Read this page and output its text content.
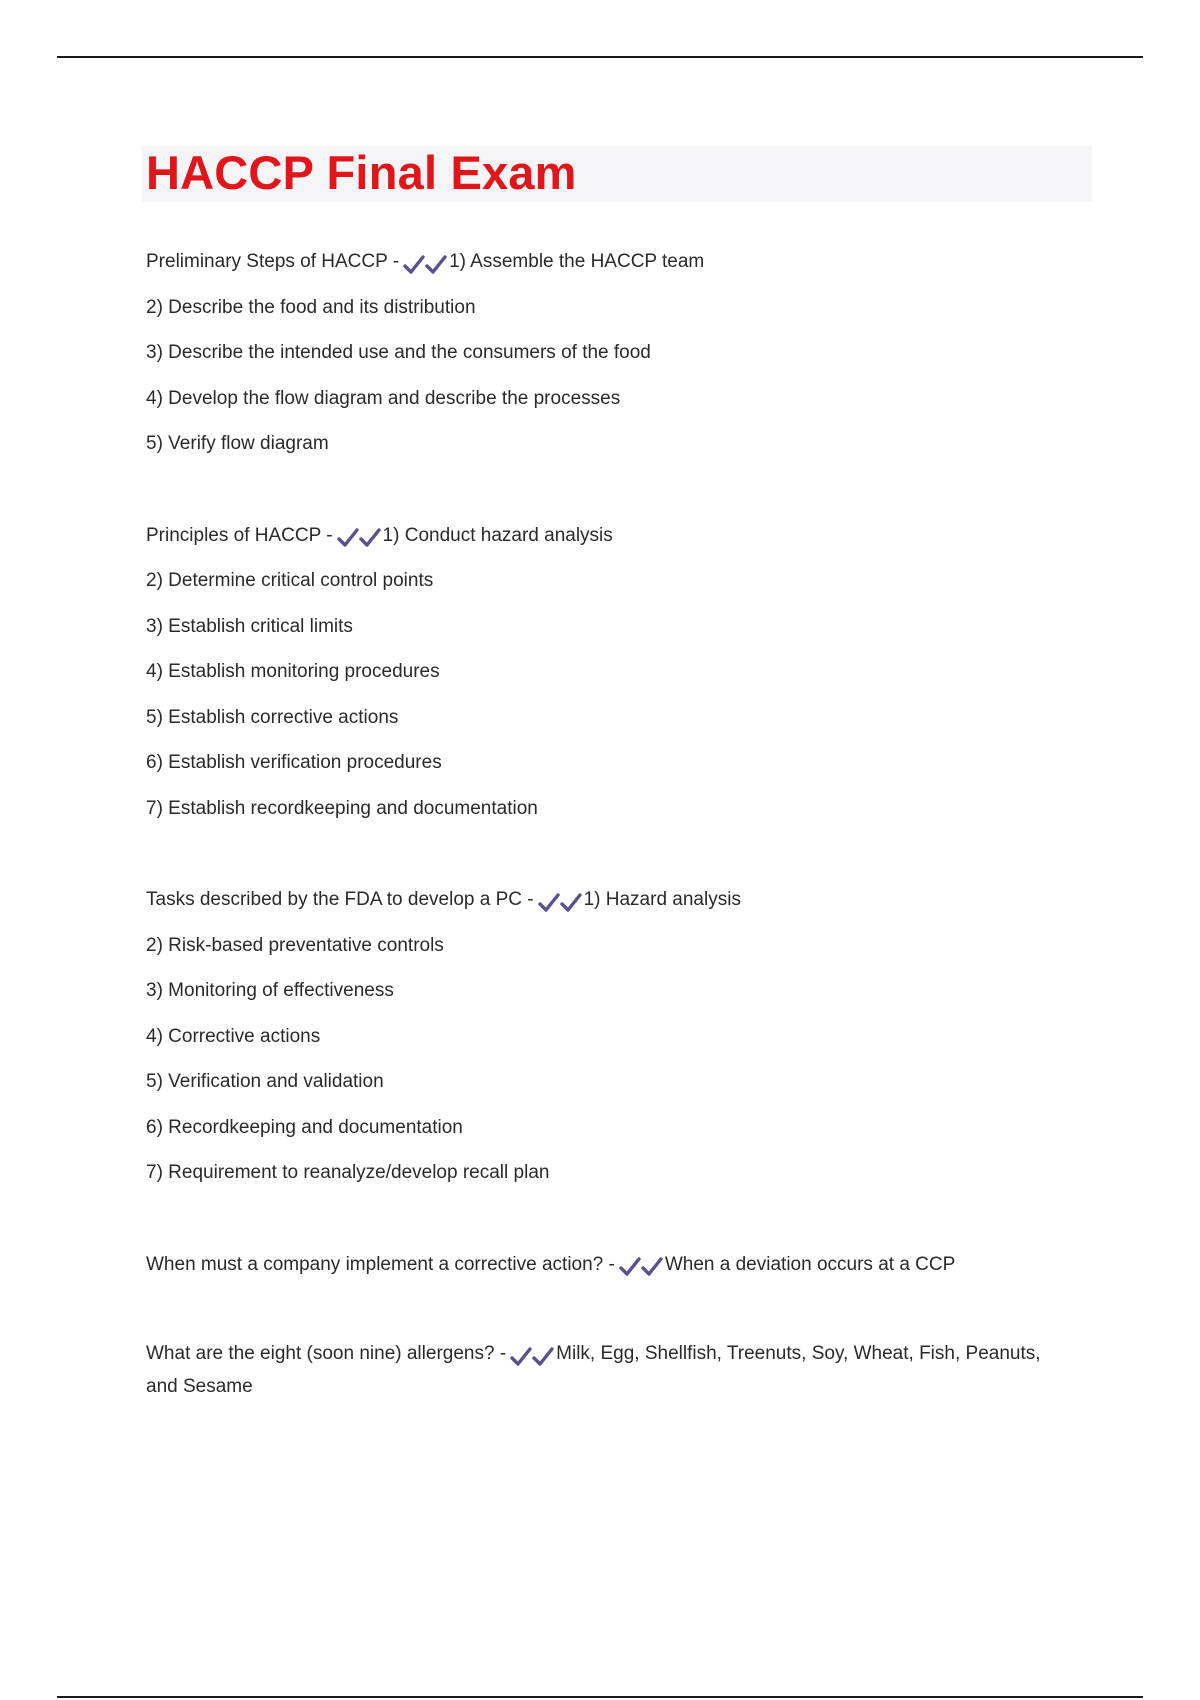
HACCP Final Exam
Preliminary Steps of HACCP -	1) Assemble the HACCP team
2) Describe the food and its distribution
3) Describe the intended use and the consumers of the food
4) Develop the flow diagram and describe the processes
5) Verify flow diagram
Principles of HACCP -	1) Conduct hazard analysis
2) Determine critical control points
3) Establish critical limits
4) Establish monitoring procedures
5) Establish corrective actions
6) Establish verification procedures
7) Establish recordkeeping and documentation
Tasks described by the FDA to develop a PC -	1) Hazard analysis
2) Risk-based preventative controls
3) Monitoring of effectiveness
4) Corrective actions
5) Verification and validation
6) Recordkeeping and documentation
7) Requirement to reanalyze/develop recall plan
When must a company implement a corrective action? -	When a deviation occurs at a CCP
What are the eight (soon nine) allergens? -	Milk, Egg, Shellfish, Treenuts, Soy, Wheat, Fish, Peanuts, and Sesame
